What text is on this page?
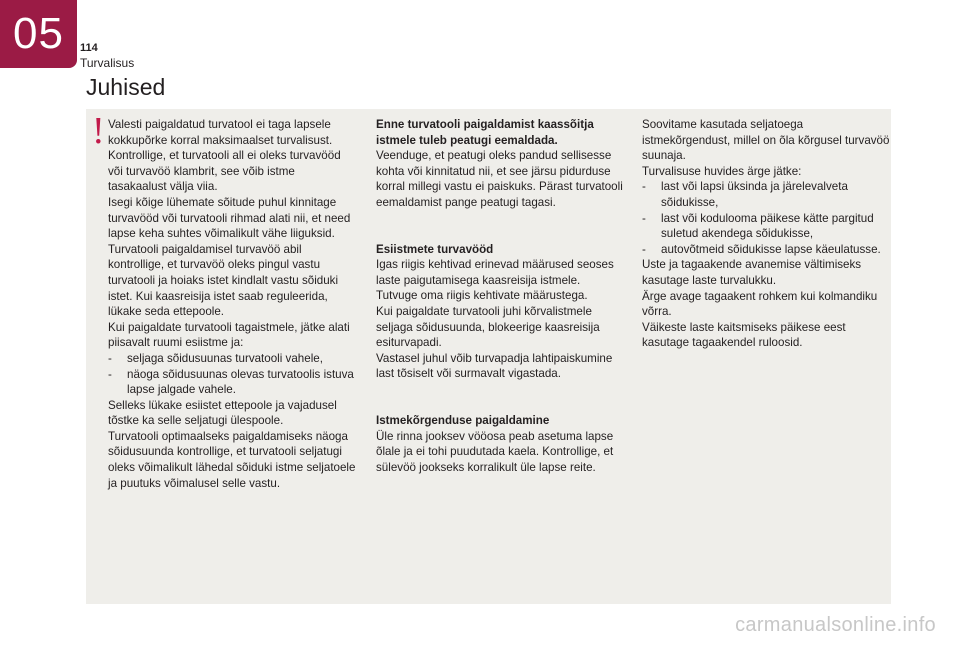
05	114
Turvalisus
Juhised
! Valesti paigaldatud turvatool ei taga lapsele kokkupõrke korral maksimaalset turvalisust.

Kontrollige, et turvatooli all ei oleks turvavööd või turvavöö klambrit, see võib istme tasakaalust välja viia.

Isegi kõige lühemate sõitude puhul kinnitage turvavööd või turvatooli rihmad alati nii, et need lapse keha suhtes võimalikult vähe liiguksid.

Turvatooli paigaldamisel turvavöö abil kontrollige, et turvavöö oleks pingul vastu turvatooli ja hoiaks istet kindlalt vastu sõiduki istet. Kui kaasreisija istet saab reguleerida, lükake seda ettepoole.

Kui paigaldate turvatooli tagaistmele, jätke alati piisavalt ruumi esiistme ja:

- seljaga sõidusuunas turvatooli vahele,
- näoga sõidusuunas olevas turvatoolis istuva lapse jalgade vahele.

Selleks lükake esiistet ettepoole ja vajadusel tõstke ka selle seljatugi ülespoole.

Turvatooli optimaalseks paigaldamiseks näoga sõidusuunda kontrollige, et turvatooli seljatugi oleks võimalikult lähedal sõiduki istme seljatoele ja puutuks võimalusel selle vastu.

Enne turvatooli paigaldamist kaassõitja istmele tuleb peatugi eemaldada.

Veenduge, et peatugi oleks pandud sellisesse kohta või kinnitatud nii, et see järsu pidurduse korral millegi vastu ei paiskuks. Pärast turvatooli eemaldamist pange peatugi tagasi.

Esiistmete turvavööd

Igas riigis kehtivad erinevad määrused seoses laste paigutamisega kaasreisija istmele. Tutvuge oma riigis kehtivate määrustega.

Kui paigaldate turvatooli juhi kõrvalistmele seljaga sõidusuunda, blokeerige kaasreisija esiturvapadi.

Vastasel juhul võib turvapadja lahtipaiskumine last tõsiselt või surmavalt vigastada.

Istmekõrgenduse paigaldamine

Üle rinna jooksev vööosa peab asetuma lapse õlale ja ei tohi puudutada kaela. Kontrollige, et sülevöö jookseks korralikult üle lapse reite.

Soovitame kasutada seljatoega istmekõrgendust, millel on õla kõrgusel turvavöö suunaja.

Turvalisuse huvides ärge jätke:

- last või lapsi üksinda ja järelevalveta sõidukisse,
- last või kodulooma päikese kätte pargitud suletud akendega sõidukisse,
- autovõtmeid sõidukisse lapse käeulatusse.

Uste ja tagaakende avanemise vältimiseks kasutage laste turvalukku.

Ärge avage tagaakent rohkem kui kolmandiku võrra.

Väikeste laste kaitsmiseks päikese eest kasutage tagaakendel ruloosid.

carmanualsonline.info
